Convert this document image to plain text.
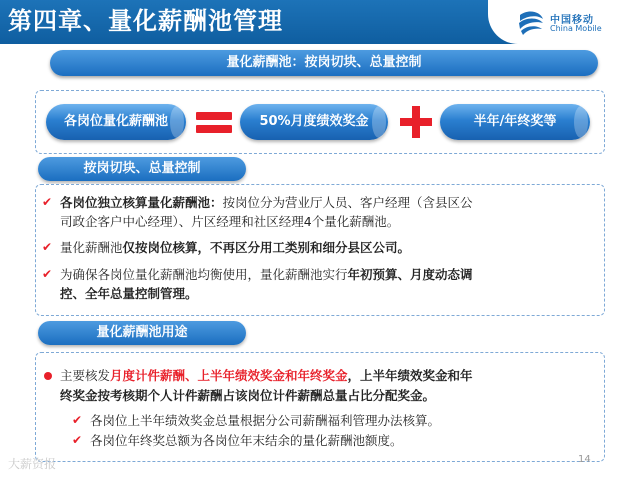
第四章、量化薪酬池管理	中国移动
China Mobile
量化薪酬池：按岗切块、总量控制
各岗位量化薪酬池	50%月度绩效奖金	半年/年终奖等
按岗切块、总量控制
✔ 各岗位独立核算量化薪酬池：按岗位分为营业厅人员、客户经理（含县区公
司政企客户中心经理）、片区经理和社区经理4个量化薪酬池。
✔ 量化薪酬池仅按岗位核算，不再区分用工类别和细分县区公司。
✔ 为确保各岗位量化薪酬池均衡使用，量化薪酬池实行年初预算、月度动态调
控、全年总量控制管理。
量化薪酬池用途
主要核发月度计件薪酬、上半年绩效奖金和年终奖金，上半年绩效奖金和年
终奖金按考核期个人计件薪酬占该岗位计件薪酬总量占比分配奖金。
✔ 各岗位上半年绩效奖金总量根据分公司薪酬福利管理办法核算。
✔ 各岗位年终奖总额为各岗位年末结余的量化薪酬池额度。
大薪资报	14
